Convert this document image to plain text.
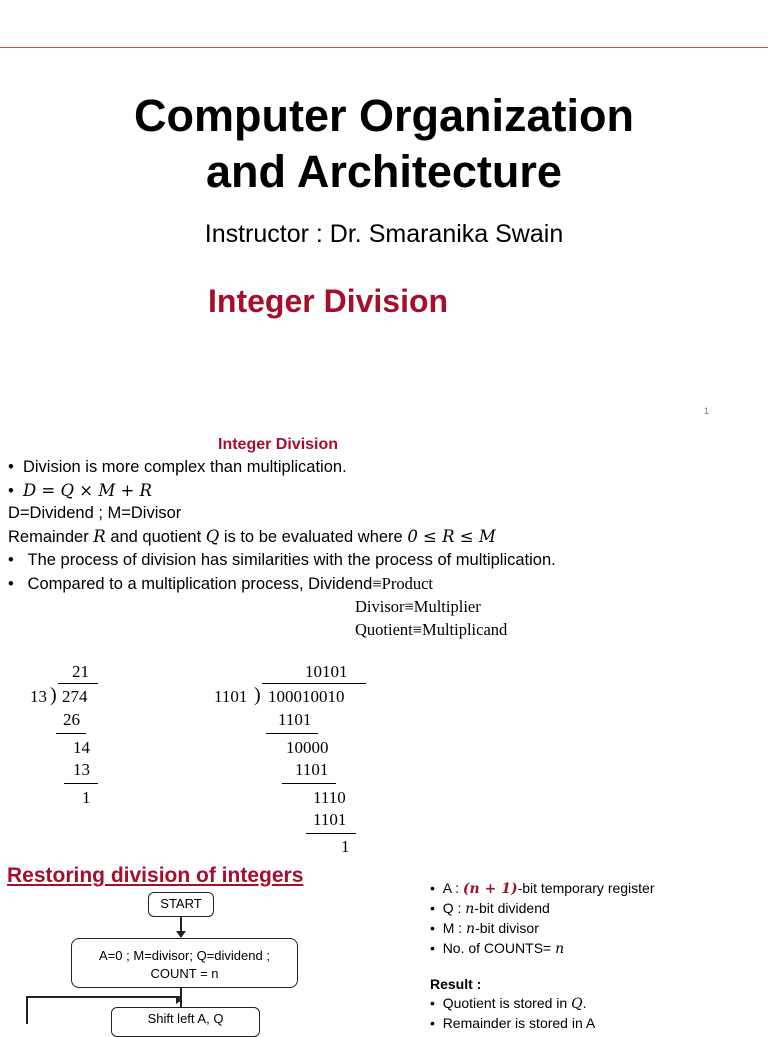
Computer Organization
and Architecture
Instructor : Dr. Smaranika Swain
Integer Division
1
Integer Division
•  Division is more complex than multiplication.
•  D = Q × M + R
D=Dividend ; M=Divisor
Remainder R and quotient Q is to be evaluated where 0 ≤ R ≤ M
•   The process of division has similarities with the process of multiplication.
•   Compared to a multiplication process, Dividend≡Product
Divisor≡Multiplier
Quotient≡Multiplicand
21
13 ) 274
26
14
13
1
10101
1101 ) 100010010
1101
10000
1101
1110
1101
1
Restoring division of integers
START
A=0 ; M=divisor; Q=dividend ;
COUNT = n
Shift left A, Q
•  A : (n + 1)-bit temporary register
•  Q : n-bit dividend
•  M : n-bit divisor
•  No. of COUNTS= n
Result :
•  Quotient is stored in Q.
•  Remainder is stored in A
